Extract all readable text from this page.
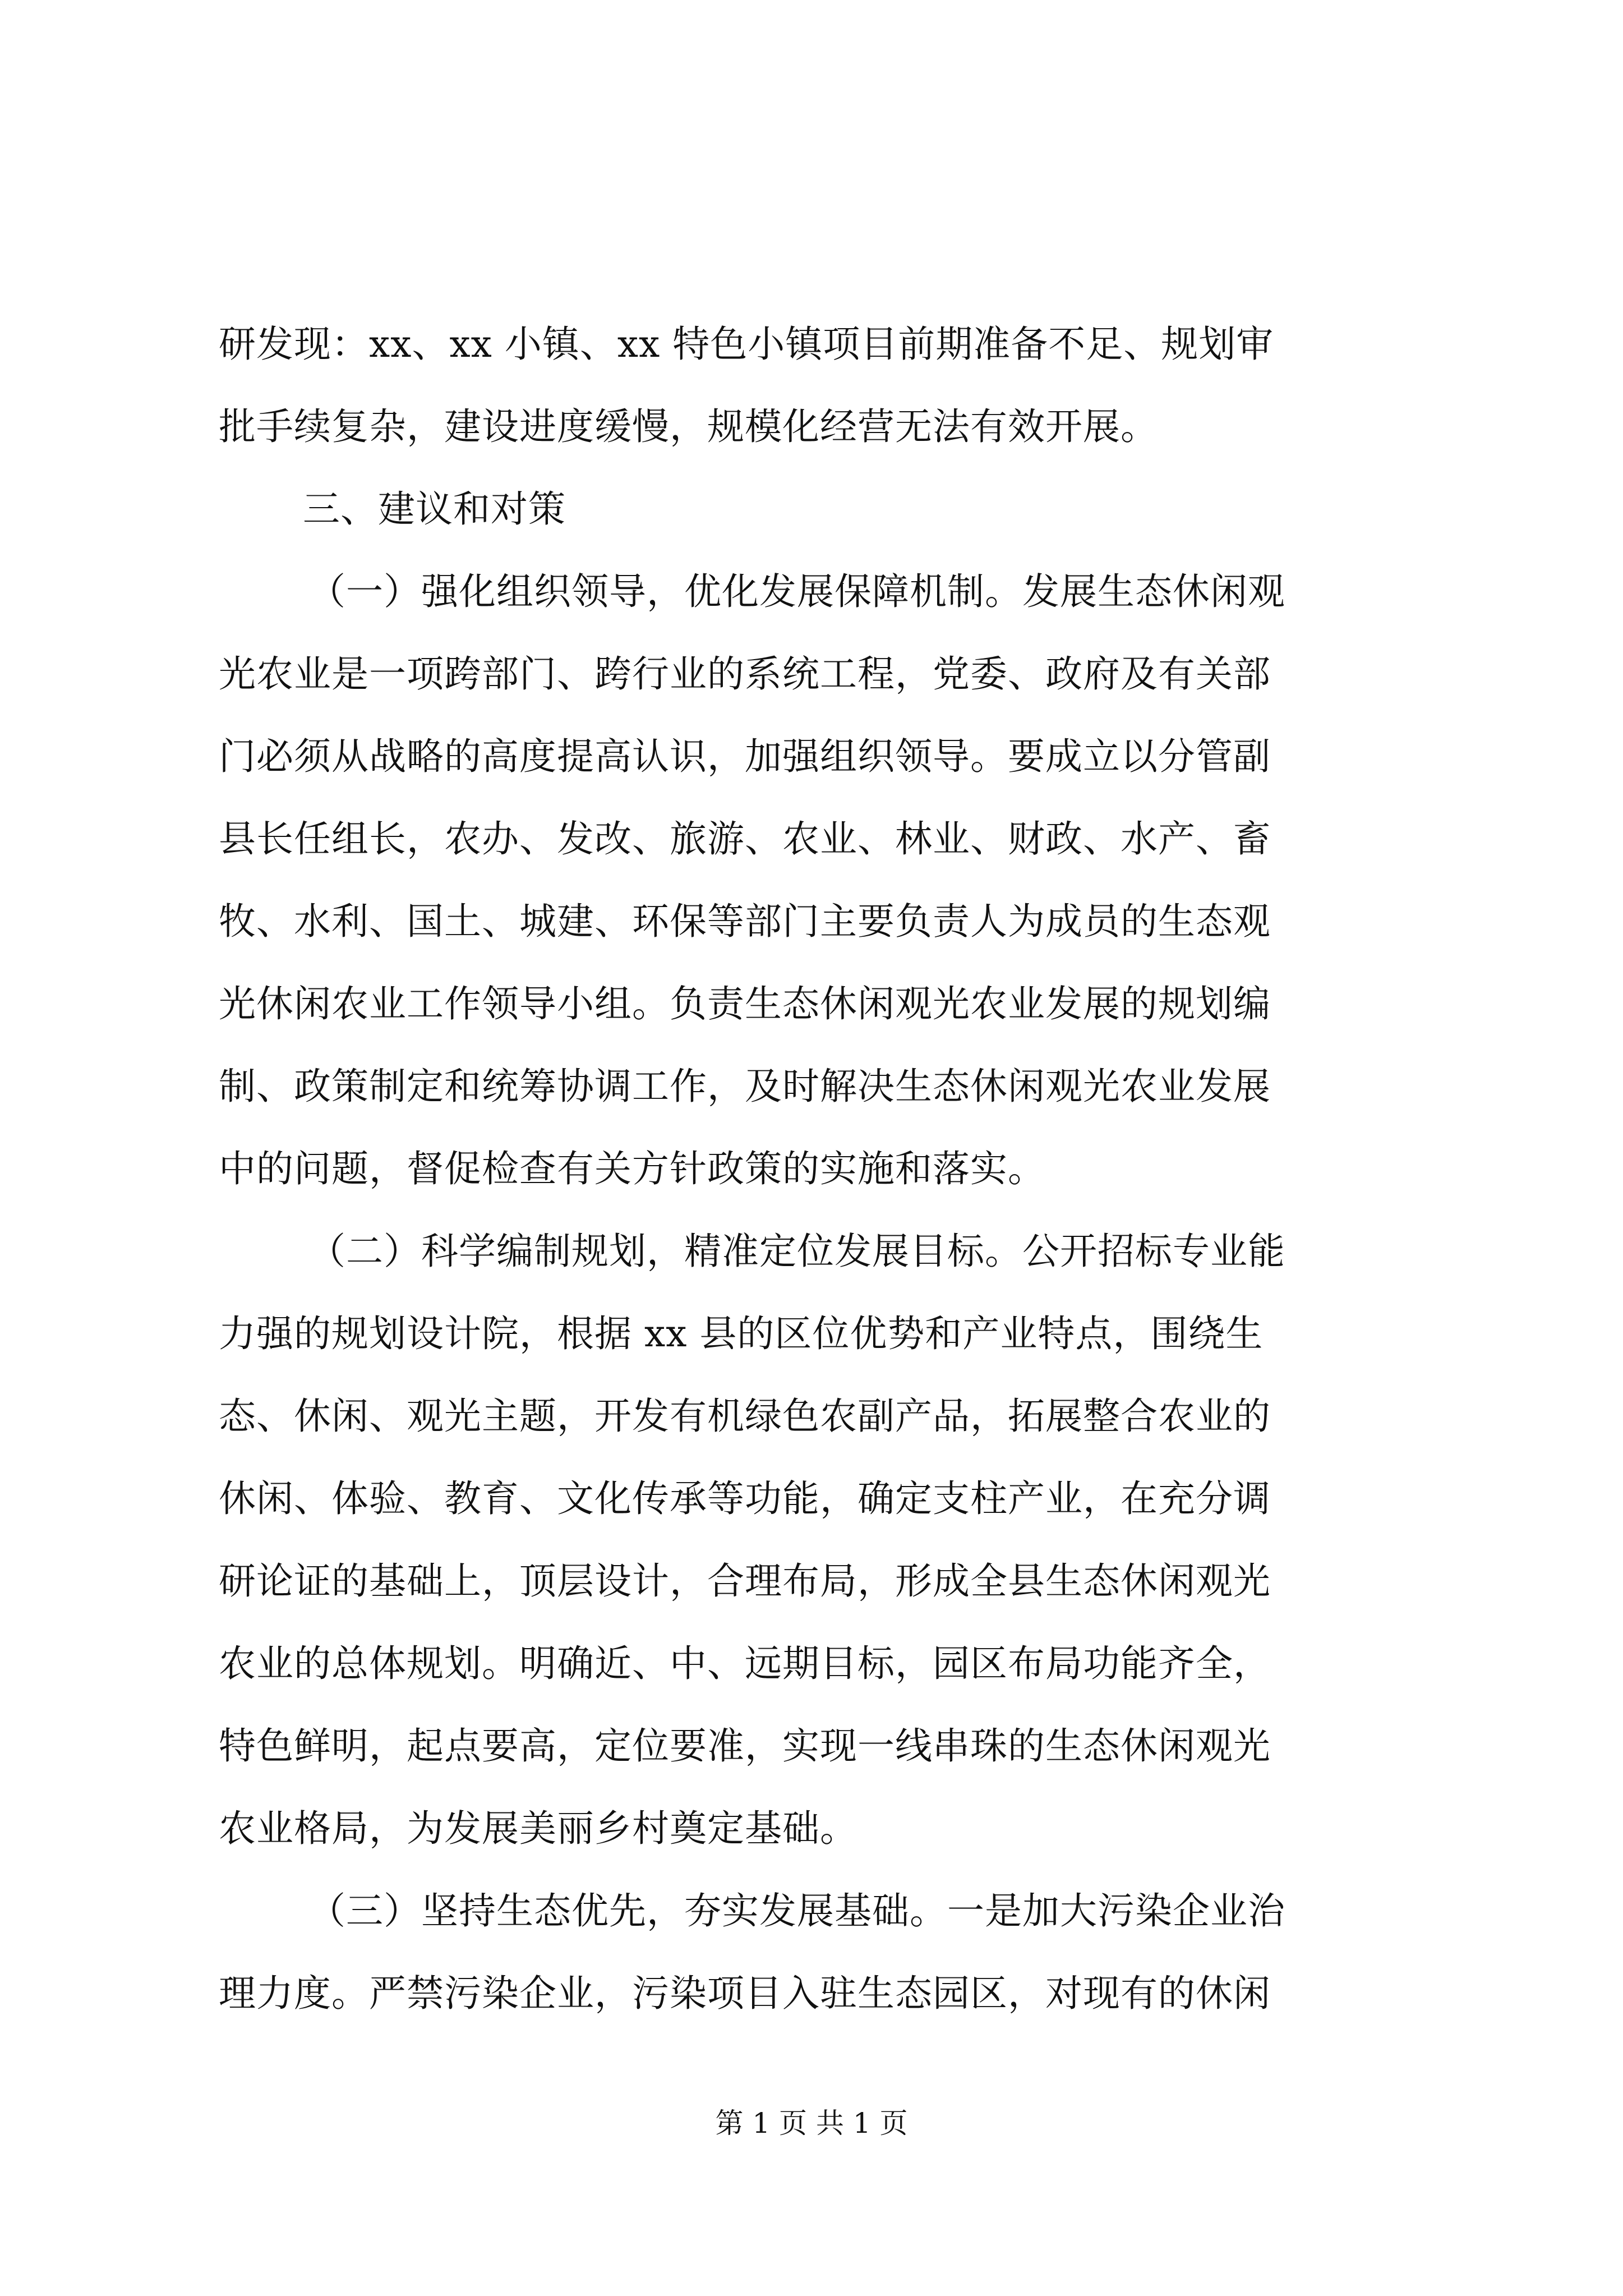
研发现：xx、xx 小镇、xx 特色小镇项目前期准备不足、规划审
批手续复杂，建设进度缓慢，规模化经营无法有效开展。
三、建议和对策
（一）强化组织领导，优化发展保障机制。发展生态休闲观
光农业是一项跨部门、跨行业的系统工程，党委、政府及有关部
门必须从战略的高度提高认识，加强组织领导。要成立以分管副
县长任组长，农办、发改、旅游、农业、林业、财政、水产、畜
牧、水利、国土、城建、环保等部门主要负责人为成员的生态观
光休闲农业工作领导小组。负责生态休闲观光农业发展的规划编
制、政策制定和统筹协调工作，及时解决生态休闲观光农业发展
中的问题，督促检查有关方针政策的实施和落实。
（二）科学编制规划，精准定位发展目标。公开招标专业能
力强的规划设计院，根据 xx 县的区位优势和产业特点，围绕生
态、休闲、观光主题，开发有机绿色农副产品，拓展整合农业的
休闲、体验、教育、文化传承等功能，确定支柱产业，在充分调
研论证的基础上，顶层设计，合理布局，形成全县生态休闲观光
农业的总体规划。明确近、中、远期目标，园区布局功能齐全，
特色鲜明，起点要高，定位要准，实现一线串珠的生态休闲观光
农业格局，为发展美丽乡村奠定基础。
（三）坚持生态优先，夯实发展基础。一是加大污染企业治
理力度。严禁污染企业，污染项目入驻生态园区，对现有的休闲
第 1 页 共 1 页
